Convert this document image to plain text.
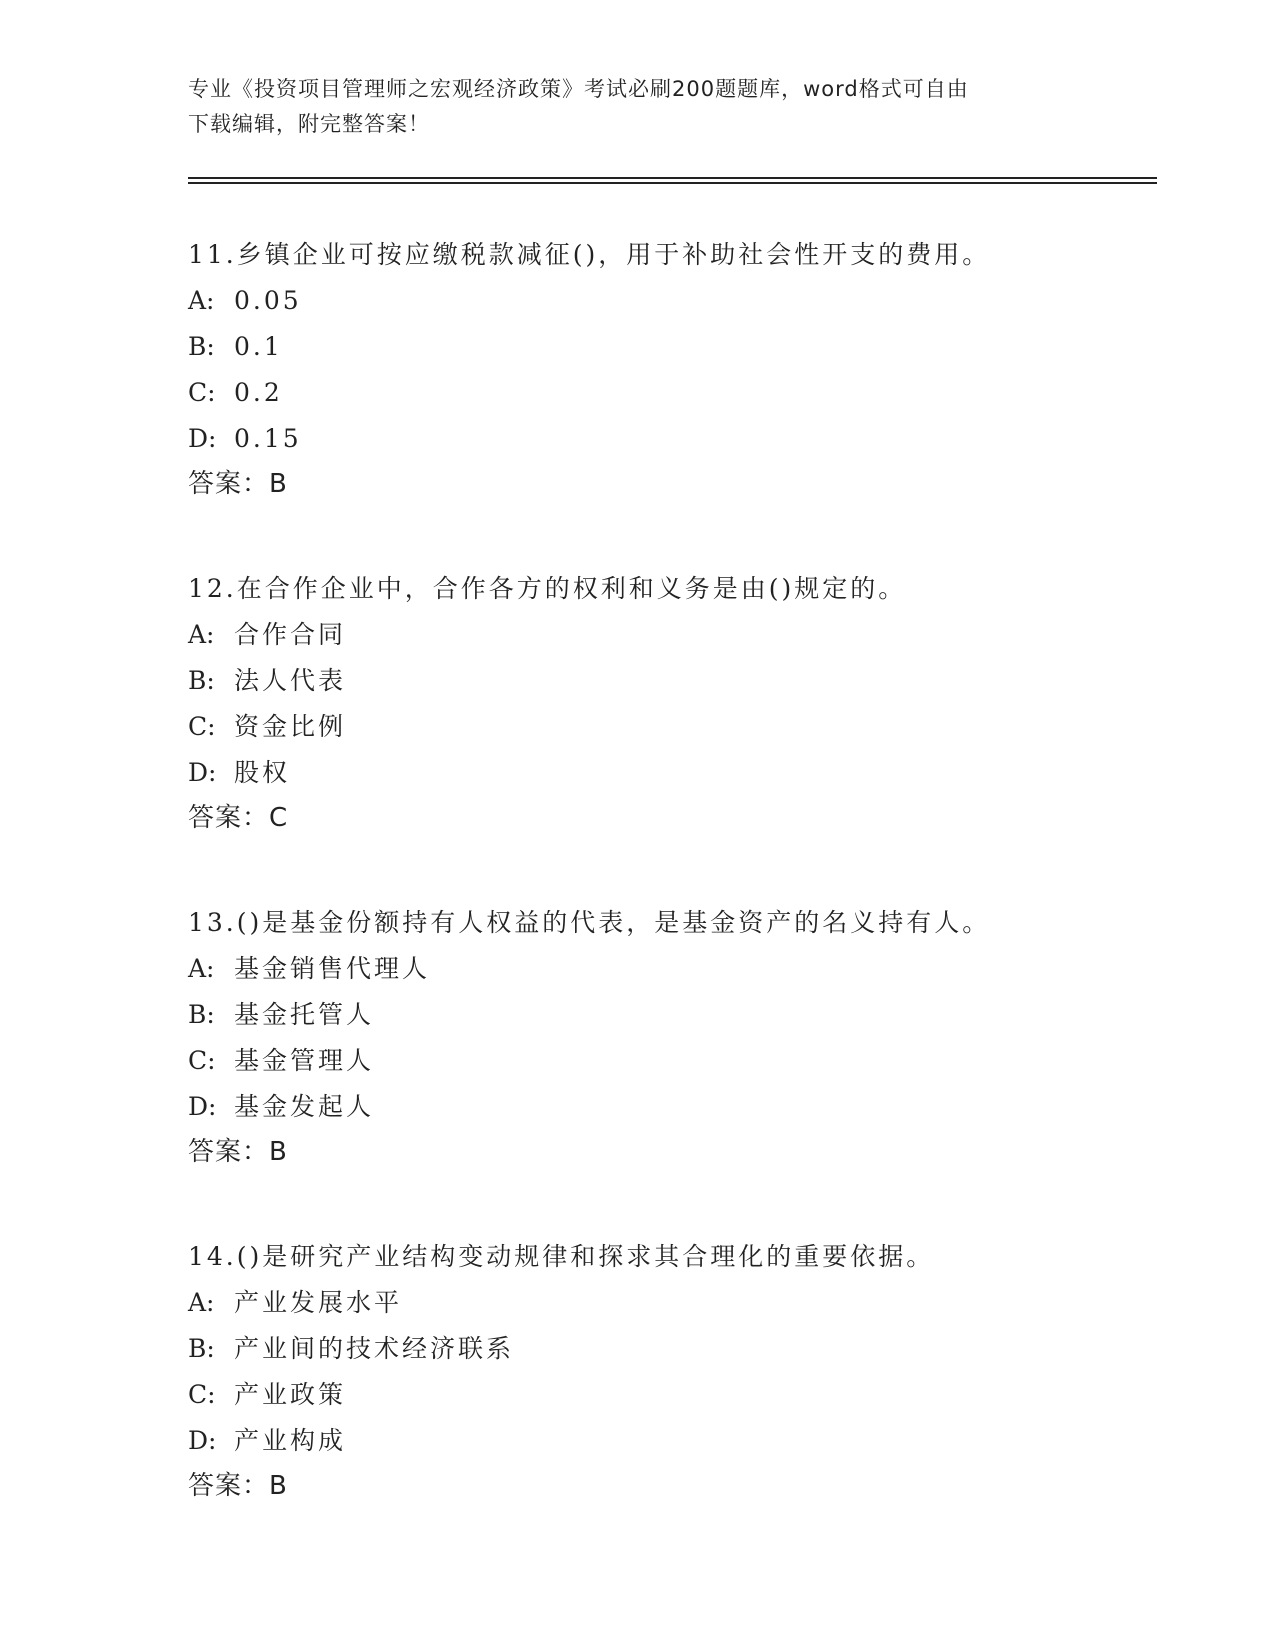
专业《投资项目管理师之宏观经济政策》考试必刷200题题库，word格式可自由
下载编辑，附完整答案！
11.乡镇企业可按应缴税款减征()，用于补助社会性开支的费用。
A: 0.05
B: 0.1
C: 0.2
D: 0.15
答案：B
12.在合作企业中，合作各方的权利和义务是由()规定的。
A: 合作合同
B: 法人代表
C: 资金比例
D: 股权
答案：C
13.()是基金份额持有人权益的代表，是基金资产的名义持有人。
A: 基金销售代理人
B: 基金托管人
C: 基金管理人
D: 基金发起人
答案：B
14.()是研究产业结构变动规律和探求其合理化的重要依据。
A: 产业发展水平
B: 产业间的技术经济联系
C: 产业政策
D: 产业构成
答案：B
